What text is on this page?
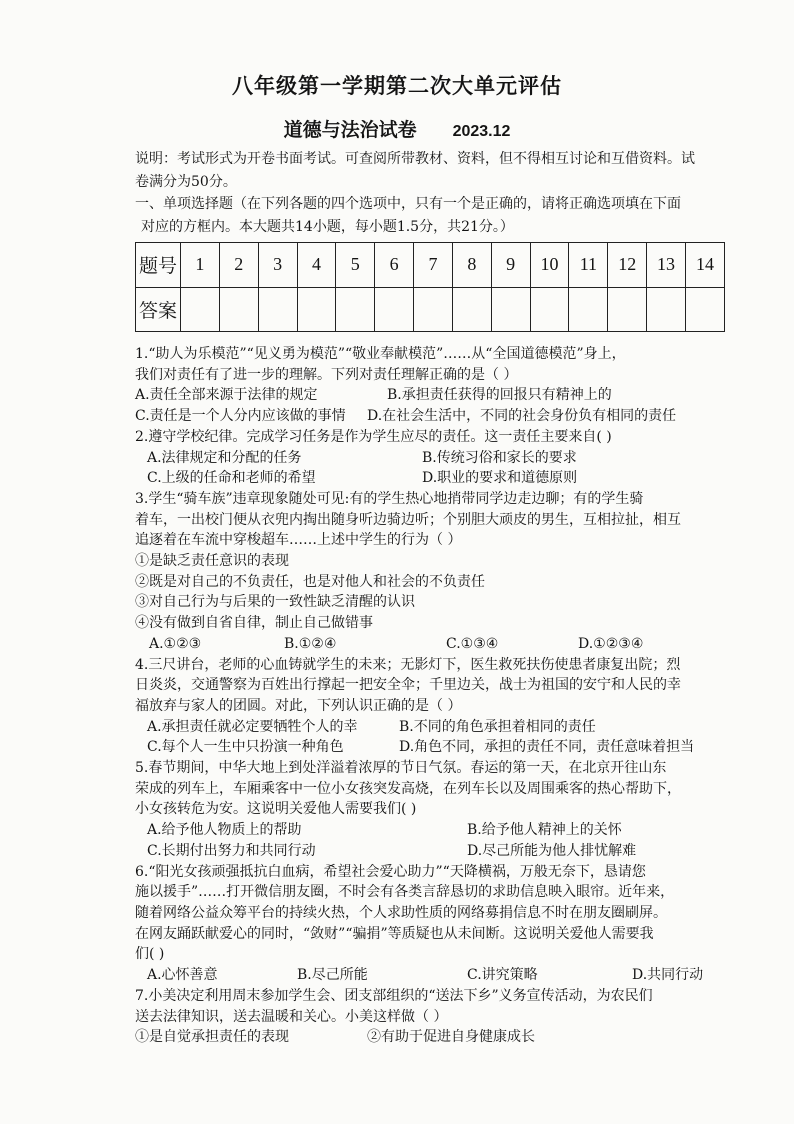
八年级第一学期第二次大单元评估
道德与法治试卷 2023.12

说明：考试形式为开卷书面考试。可查阅所带教材、资料，但不得相互讨论和互借资料。试

卷满分为50分。

一、单项选择题（在下列各题的四个选项中，只有一个是正确的，请将正确选项填在下面

对应的方框内。本大题共14小题，每小题1.5分，共21分。）

题号	1	2	3	4	5	6	7	8	9	10	11	12	13	14
答案														

1.“助人为乐模范”“见义勇为模范”“敬业奉献模范”……从“全国道德模范”身上，

我们对责任有了进一步的理解。下列对责任理解正确的是（ ）

A.责任全部来源于法律的规定	B.承担责任获得的回报只有精神上的
C.责任是一个人分内应该做的事情	D.在社会生活中，不同的社会身份负有相同的责任

2.遵守学校纪律。完成学习任务是作为学生应尽的责任。这一责任主要来自( )

A.法律规定和分配的任务	B.传统习俗和家长的要求
C.上级的任命和老师的希望	D.职业的要求和道德原则

3.学生“骑车族”违章现象随处可见:有的学生热心地捎带同学边走边聊；有的学生骑

着车，一出校门便从衣兜内掏出随身听边骑边听；个别胆大顽皮的男生，互相拉扯，相互

追逐着在车流中穿梭超车……上述中学生的行为（ ）

①是缺乏责任意识的表现

②既是对自己的不负责任，也是对他人和社会的不负责任

③对自己行为与后果的一致性缺乏清醒的认识

④没有做到自省自律，制止自己做错事

A.①②③	B.①②④	C.①③④	D.①②③④

4.三尺讲台，老师的心血铸就学生的未来；无影灯下，医生救死扶伤使患者康复出院；烈

日炎炎，交通警察为百姓出行撑起一把安全伞；千里边关，战士为祖国的安宁和人民的幸

福放弃与家人的团圆。对此，下列认识正确的是（ ）

A.承担责任就必定要牺牲个人的幸	B.不同的角色承担着相同的责任
C.每个人一生中只扮演一种角色	D.角色不同，承担的责任不同，责任意味着担当

5.春节期间，中华大地上到处洋溢着浓厚的节日气氛。春运的第一天，在北京开往山东

荣成的列车上，车厢乘客中一位小女孩突发高烧，在列车长以及周围乘客的热心帮助下，

小女孩转危为安。这说明关爱他人需要我们( )

A.给予他人物质上的帮助	B.给予他人精神上的关怀
C.长期付出努力和共同行动	D.尽己所能为他人排忧解难

6.“阳光女孩顽强抵抗白血病，希望社会爱心助力”“天降横祸，万般无奈下，恳请您

施以援手”……打开微信朋友圈，不时会有各类言辞恳切的求助信息映入眼帘。近年来，

随着网络公益众筹平台的持续火热，个人求助性质的网络募捐信息不时在朋友圈刷屏。

在网友踊跃献爱心的同时，“敛财”“骗捐”等质疑也从未间断。这说明关爱他人需要我

们( )

A.心怀善意	B.尽己所能	C.讲究策略	D.共同行动

7.小美决定利用周末参加学生会、团支部组织的“送法下乡”义务宣传活动，为农民们

送去法律知识，送去温暖和关心。小美这样做（ ）

①是自觉承担责任的表现	②有助于促进自身健康成长
